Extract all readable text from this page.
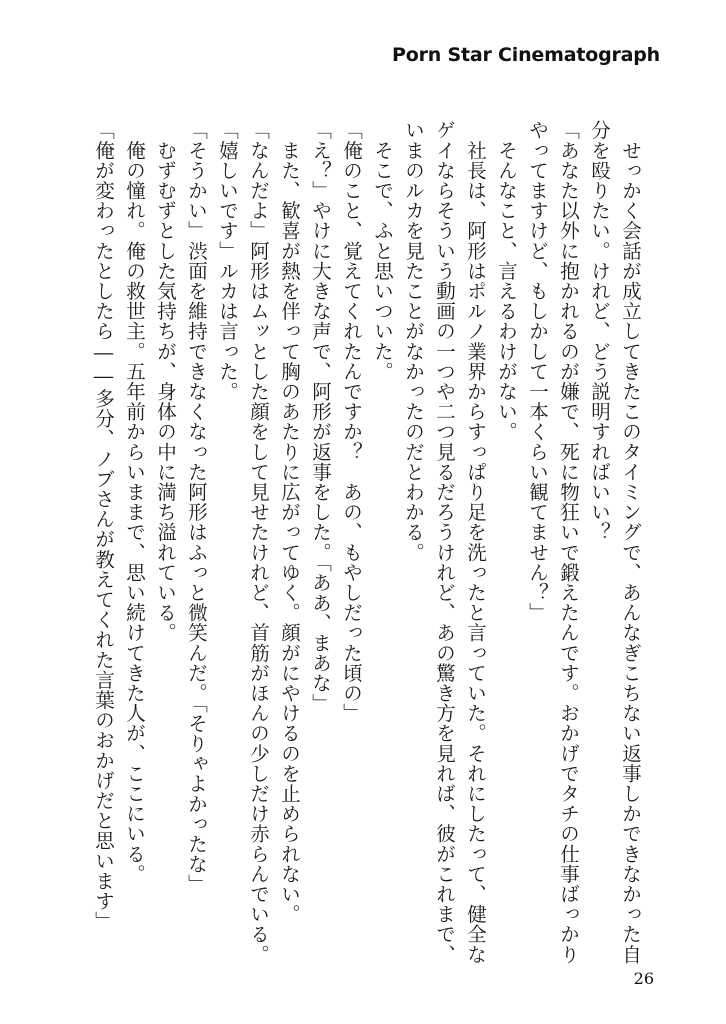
Porn Star Cinematograph
　せっかく会話が成立してきたこのタイミングで、あんなぎこちない返事しかできなかった自
分を殴りたい。けれど、どう説明すればいい？
「あなた以外に抱かれるのが嫌で、死に物狂いで鍛えたんです。おかげでタチの仕事ばっかり
やってますけど、もしかして一本くらい観てません？」
　そんなこと、言えるわけがない。
　社長は、阿形はポルノ業界からすっぱり足を洗ったと言っていた。それにしたって、健全な
ゲイならそういう動画の一つや二つ見るだろうけれど、あの驚き方を見れば、彼がこれまで、
いまのルカを見たことがなかったのだとわかる。
　そこで、ふと思いついた。
「俺のこと、覚えてくれたんですか？　あの、もやしだった頃の」
「え？」やけに大きな声で、阿形が返事をした。「ああ、まあな」
　また、歓喜が熱を伴って胸のあたりに広がってゆく。顔がにやけるのを止められない。
「なんだよ」阿形はムッとした顔をして見せたけれど、首筋がほんの少しだけ赤らんでいる。
「嬉しいです」ルカは言った。
「そうかい」渋面を維持できなくなった阿形はふっと微笑んだ。「そりゃよかったな」
　むずむずとした気持ちが、身体の中に満ち溢れている。
　俺の憧れ。俺の救世主。五年前からいままで、思い続けてきた人が、ここにいる。
「俺が変わったとしたら――多分、ノブさんが教えてくれた言葉のおかげだと思います」
26
